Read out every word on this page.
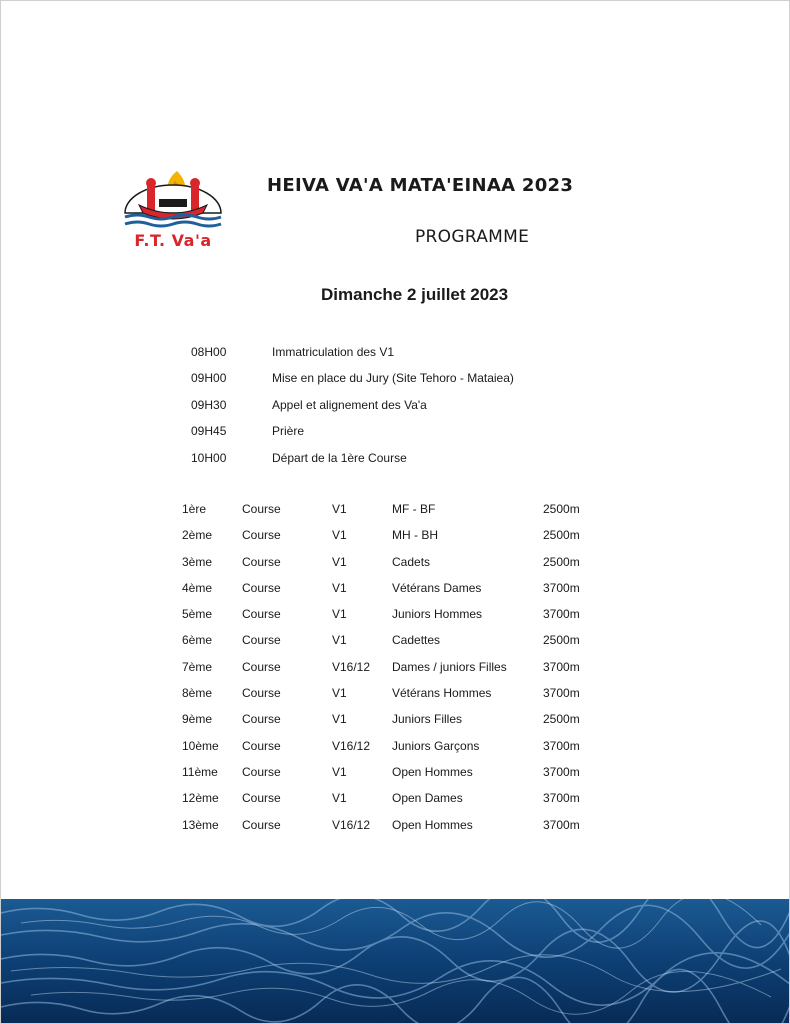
F.T. Va'a
HEIVA VA'A MATA'EINAA 2023
PROGRAMME
Dimanche 2 juillet 2023
08H00	Immatriculation des V1
09H00	Mise en place du Jury (Site Tehoro - Mataiea)
09H30	Appel et alignement des Va'a
09H45	Prière
10H00	Départ de la 1ère Course
1ère	Course	V1	MF - BF	2500m
2ème Course	V1	MH - BH	2500m
3ème Course	V1	Cadets	2500m
4ème Course	V1	Vétérans Dames	3700m
5ème Course	V1	Juniors Hommes	3700m
6ème Course	V1	Cadettes	2500m
7ème Course	V16/12 Dames / juniors Filles	3700m
8ème Course	V1	Vétérans Hommes	3700m
9ème Course	V1	Juniors Filles	2500m
10ème Course	V16/12 Juniors Garçons	3700m
11ème Course	V1	Open Hommes	3700m
12ème Course	V1	Open Dames	3700m
13ème Course	V16/12 Open Hommes	3700m
